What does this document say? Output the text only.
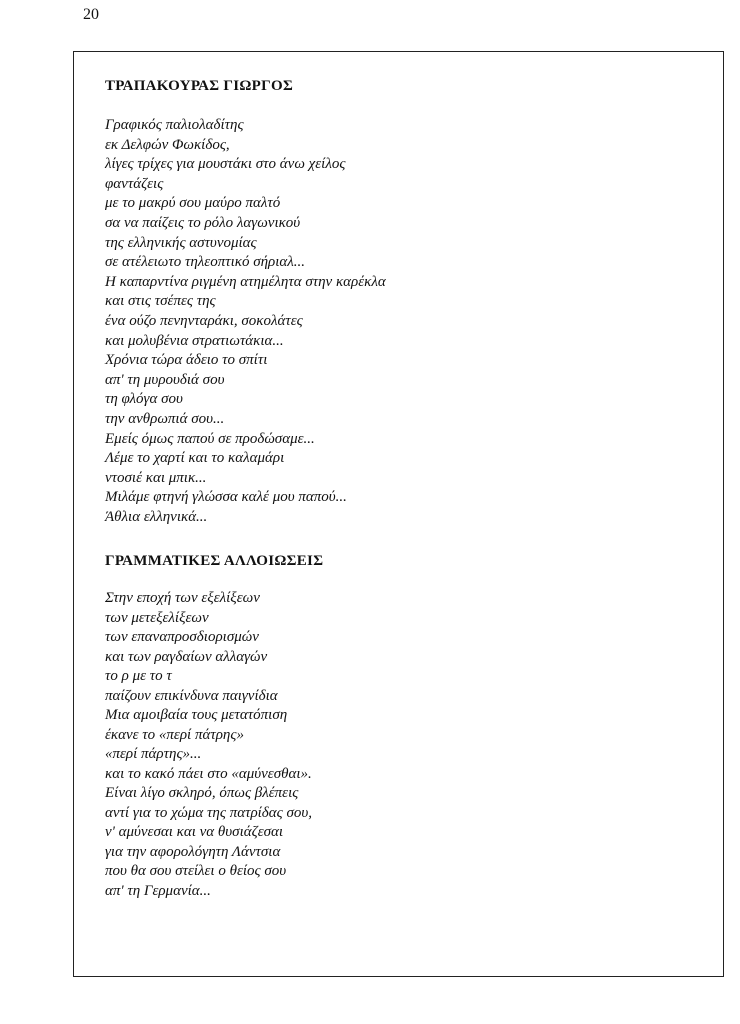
20
ΤΡΑΠΑΚΟΥΡΑΣ ΓΙΩΡΓΟΣ
Γραφικός παλιολαδίτης
εκ Δελφών Φωκίδος,
λίγες τρίχες για μουστάκι στο άνω χείλος
φαντάζεις
με το μακρύ σου μαύρο παλτό
σα να παίζεις το ρόλο λαγωνικού
της ελληνικής αστυνομίας
σε ατέλειωτο τηλεοπτικό σήριαλ...
Η καπαρντίνα ριγμένη ατημέλητα στην καρέκλα
και στις τσέπες της
ένα ούζο πενηνταράκι, σοκολάτες
και μολυβένια στρατιωτάκια...
Χρόνια τώρα άδειο το σπίτι
απ' τη μυρουδιά σου
τη φλόγα σου
την ανθρωπιά σου...
Εμείς όμως παπού σε προδώσαμε...
Λέμε το χαρτί και το καλαμάρι
ντοσιέ και μπικ...
Μιλάμε φτηνή γλώσσα καλέ μου παπού...
Άθλια ελληνικά...
ΓΡΑΜΜΑΤΙΚΕΣ ΑΛΛΟΙΩΣΕΙΣ
Στην εποχή των εξελίξεων
των μετεξελίξεων
των επαναπροσδιορισμών
και των ραγδαίων αλλαγών
το ρ με το τ
παίζουν επικίνδυνα παιγνίδια
Μια αμοιβαία τους μετατόπιση
έκανε το «περί πάτρης»
«περί πάρτης»...
και το κακό πάει στο «αμύνεσθαι».
Είναι λίγο σκληρό, όπως βλέπεις
αντί για το χώμα της πατρίδας σου,
ν' αμύνεσαι και να θυσιάζεσαι
για την αφορολόγητη Λάντσια
που θα σου στείλει ο θείος σου
απ' τη Γερμανία...
